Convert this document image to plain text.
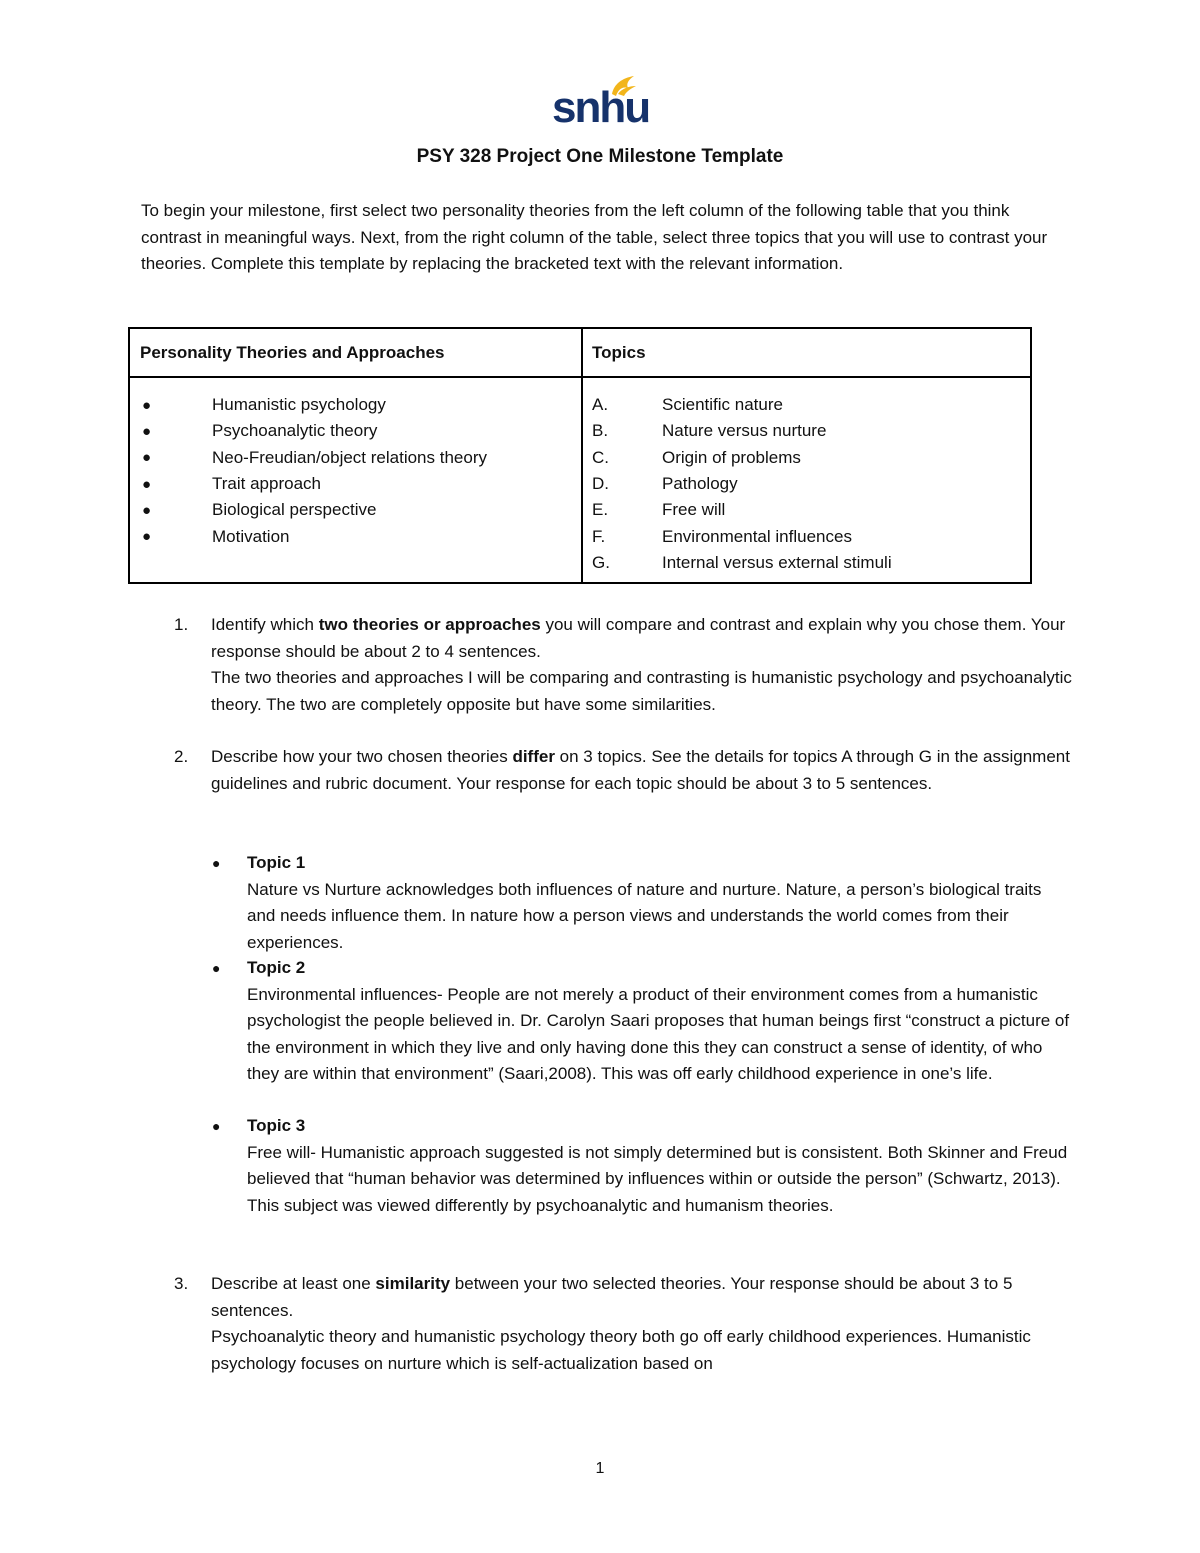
snhu
PSY 328 Project One Milestone Template
To begin your milestone, first select two personality theories from the left column of the following table that you think contrast in meaningful ways. Next, from the right column of the table, select three topics that you will use to contrast your theories. Complete this template by replacing the bracketed text with the relevant information.
Personality Theories and Approaches	Topics
●	Humanistic psychology
●	Psychoanalytic theory
●	Neo-Freudian/object relations theory
●	Trait approach
●	Biological perspective
●	Motivation
A.	Scientific nature
B.	Nature versus nurture
C.	Origin of problems
D.	Pathology
E.	Free will
F.	Environmental influences
G.	Internal versus external stimuli
1.	Identify which two theories or approaches you will compare and contrast and explain why you chose them. Your response should be about 2 to 4 sentences.
The two theories and approaches I will be comparing and contrasting is humanistic psychology and psychoanalytic theory. The two are completely opposite but have some similarities.
2.	Describe how your two chosen theories differ on 3 topics. See the details for topics A through G in the assignment guidelines and rubric document. Your response for each topic should be about 3 to 5 sentences.
● Topic 1
Nature vs Nurture acknowledges both influences of nature and nurture. Nature, a person’s biological traits and needs influence them. In nature how a person views and understands the world comes from their experiences.
● Topic 2
Environmental influences- People are not merely a product of their environment comes from a humanistic psychologist the people believed in. Dr. Carolyn Saari proposes that human beings first “construct a picture of the environment in which they live and only having done this they can construct a sense of identity, of who they are within that environment” (Saari,2008). This was off early childhood experience in one’s life.
● Topic 3
Free will- Humanistic approach suggested is not simply determined but is consistent. Both Skinner and Freud believed that “human behavior was determined by influences within or outside the person” (Schwartz, 2013). This subject was viewed differently by psychoanalytic and humanism theories.
3.	Describe at least one similarity between your two selected theories. Your response should be about 3 to 5 sentences.
Psychoanalytic theory and humanistic psychology theory both go off early childhood experiences. Humanistic psychology focuses on nurture which is self-actualization based on
1
